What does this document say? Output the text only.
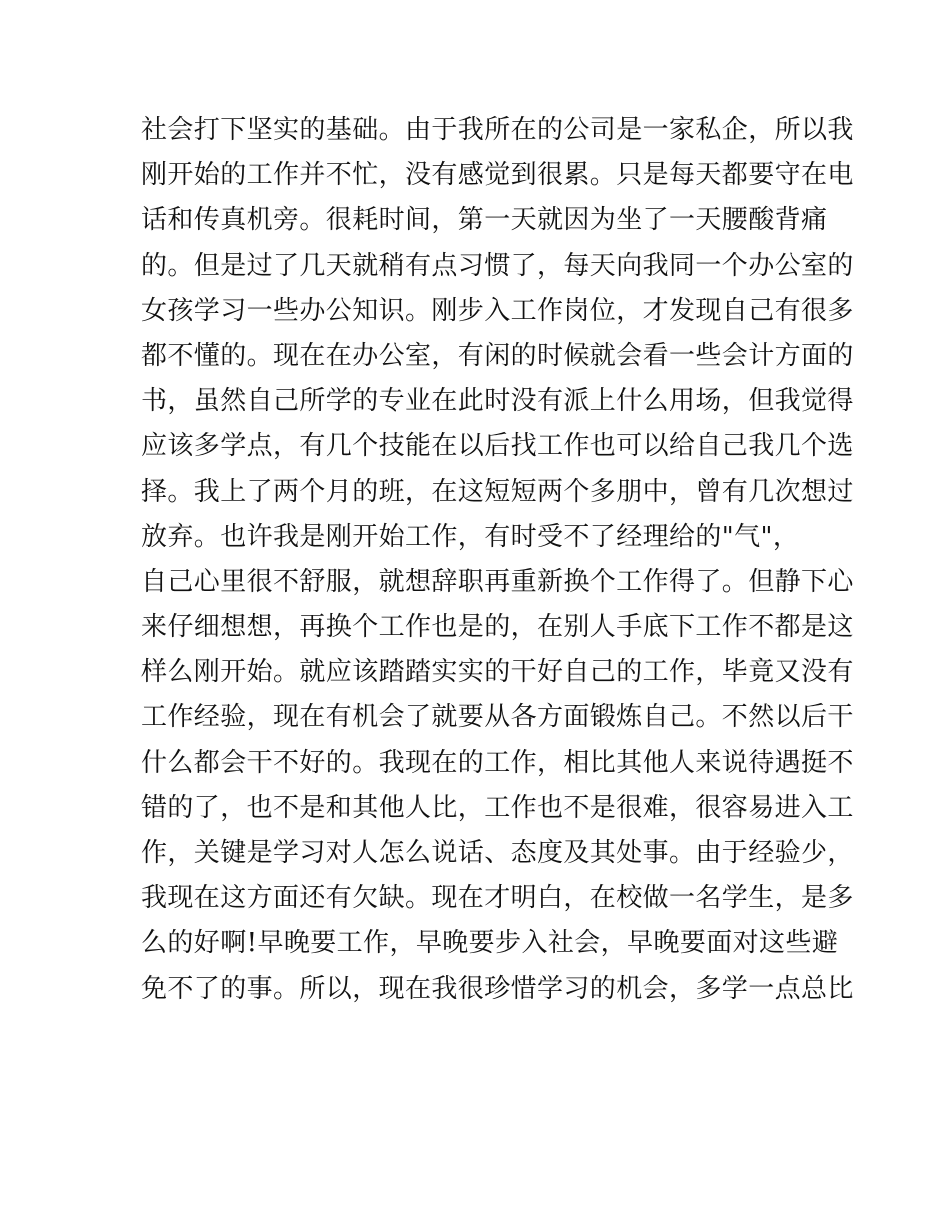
社会打下坚实的基础。由于我所在的公司是一家私企，所以我
刚开始的工作并不忙，没有感觉到很累。只是每天都要守在电
话和传真机旁。很耗时间，第一天就因为坐了一天腰酸背痛
的。但是过了几天就稍有点习惯了，每天向我同一个办公室的
女孩学习一些办公知识。刚步入工作岗位，才发现自己有很多
都不懂的。现在在办公室，有闲的时候就会看一些会计方面的
书，虽然自己所学的专业在此时没有派上什么用场，但我觉得
应该多学点，有几个技能在以后找工作也可以给自己我几个选
择。我上了两个月的班，在这短短两个多朋中，曾有几次想过
放弃。也许我是刚开始工作，有时受不了经理给的"气"，
自己心里很不舒服，就想辞职再重新换个工作得了。但静下心
来仔细想想，再换个工作也是的，在别人手底下工作不都是这
样么刚开始。就应该踏踏实实的干好自己的工作，毕竟又没有
工作经验，现在有机会了就要从各方面锻炼自己。不然以后干
什么都会干不好的。我现在的工作，相比其他人来说待遇挺不
错的了，也不是和其他人比，工作也不是很难，很容易进入工
作，关键是学习对人怎么说话、态度及其处事。由于经验少，
我现在这方面还有欠缺。现在才明白，在校做一名学生，是多
么的好啊!早晚要工作，早晚要步入社会，早晚要面对这些避
免不了的事。所以，现在我很珍惜学习的机会，多学一点总比
